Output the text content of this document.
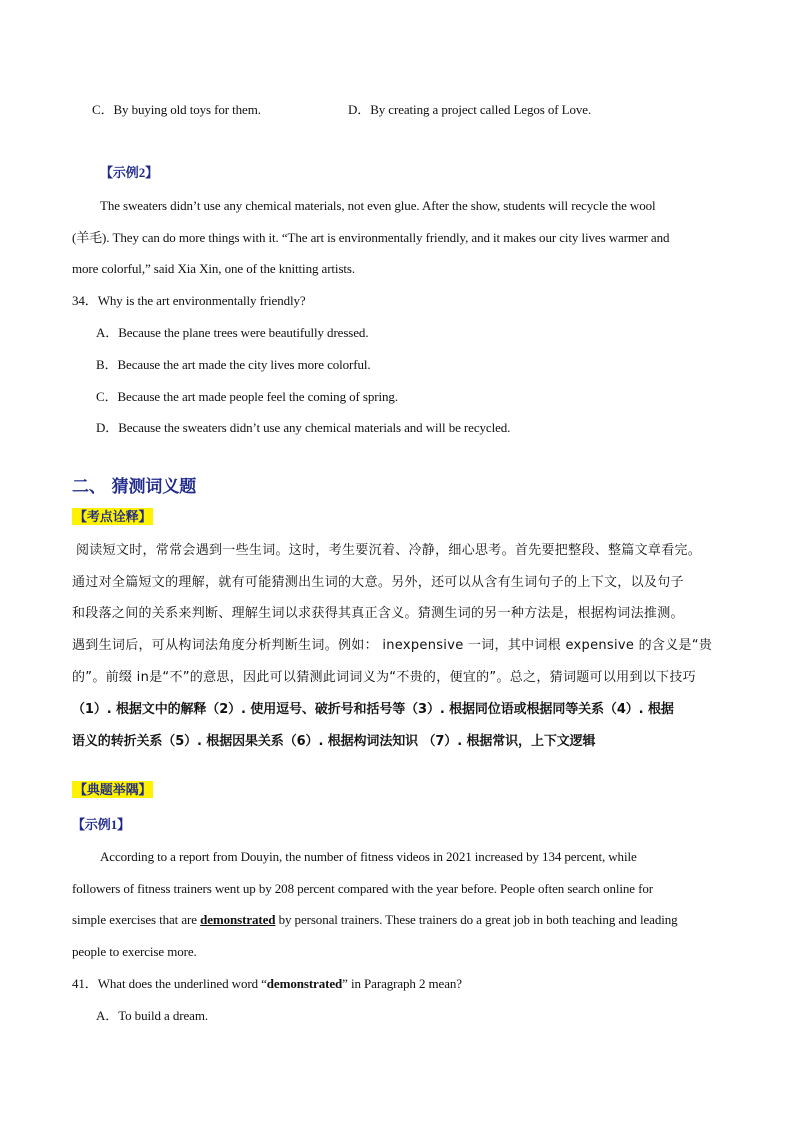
C．By buying old toys for them.	D．By creating a project called Legos of Love.
【示例2】
The sweaters didn’t use any chemical materials, not even glue. After the show, students will recycle the wool
(羊毛). They can do more things with it. “The art is environmentally friendly, and it makes our city lives warmer and
more colorful,” said Xia Xin, one of the knitting artists.
34．Why is the art environmentally friendly?
A．Because the plane trees were beautifully dressed.
B．Because the art made the city lives more colorful.
C．Because the art made people feel the coming of spring.
D．Because the sweaters didn’t use any chemical materials and will be recycled.
二、 猜测词义题
【考点诠释】
阅读短文时，常常会遇到一些生词。这时，考生要沉着、冷静，细心思考。首先要把整段、整篇文章看完。
通过对全篇短文的理解，就有可能猜测出生词的大意。另外，还可以从含有生词句子的上下文，以及句子
和段落之间的关系来判断、理解生词以求获得其真正含义。猜测生词的另一种方法是，根据构词法推测。
遇到生词后，可从构词法角度分析判断生词。例如： inexpensive 一词，其中词根 expensive 的含义是“贵
的”。前缀 in是“不”的意思，因此可以猜测此词词义为“不贵的，便宜的”。总之，猜词题可以用到以下技巧
（1）. 根据文中的解释（2）. 使用逗号、破折号和括号等（3）. 根据同位语或根据同等关系（4）. 根据
语义的转折关系（5）. 根据因果关系（6）. 根据构词法知识 （7）. 根据常识，上下文逻辑
【典题举隅】
【示例1】
According to a report from Douyin, the number of fitness videos in 2021 increased by 134 percent, while
followers of fitness trainers went up by 208 percent compared with the year before. People often search online for
simple exercises that are demonstrated by personal trainers. These trainers do a great job in both teaching and leading
people to exercise more.
41．What does the underlined word “demonstrated” in Paragraph 2 mean?
A．To build a dream.
